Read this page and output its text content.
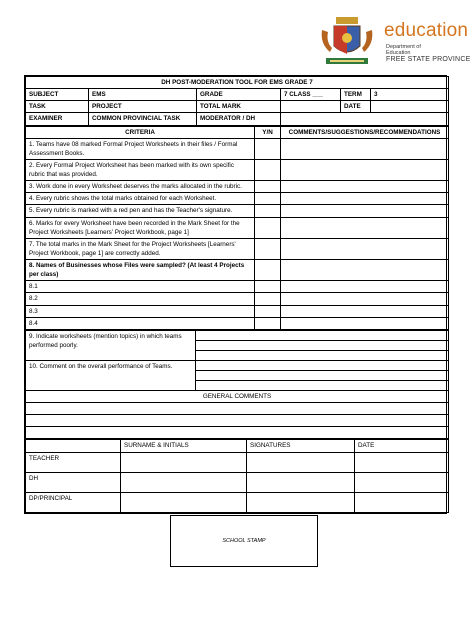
education
Department of
Education
FREE STATE PROVINCE
DH POST-MODERATION TOOL FOR EMS GRADE 7					
SUBJECT	EMS	GRADE	7 CLASS ___	TERM	3
TASK	PROJECT	TOTAL MARK		DATE	
EXAMINER	COMMON PROVINCIAL TASK	MODERATOR / DH			
CRITERIA	Y/N	COMMENTS/SUGGESTIONS/RECOMMENDATIONS
1. Teams have 08 marked Formal Project Worksheets in their files / Formal Assessment Books.		
2. Every Formal Project Worksheet has been marked with its own specific rubric that was provided.		
3. Work done in every Worksheet deserves the marks allocated in the rubric.		
4. Every rubric shows the total marks obtained for each Worksheet.		
5. Every rubric is marked with a red pen and has the Teacher's signature.		
6. Marks for every Worksheet have been recorded in the Mark Sheet for the Project Worksheets [Learners' Project Workbook, page 1]		
7. The total marks in the Mark Sheet for the Project Worksheets [Learners' Project Workbook, page 1] are correctly added.		
8. Names of Businesses whose Files were sampled? (At least 4 Projects per class)		
8.1		
8.2		
8.3		
8.4		
9. Indicate worksheets (mention topics) in which teams performed poorly.	

10. Comment on the overall performance of Teams.	

GENERAL COMMENTS	

	SURNAME & INITIALS	SIGNATURES	DATE
TEACHER			
DH			
DP/PRINCIPAL			
SCHOOL STAMP
